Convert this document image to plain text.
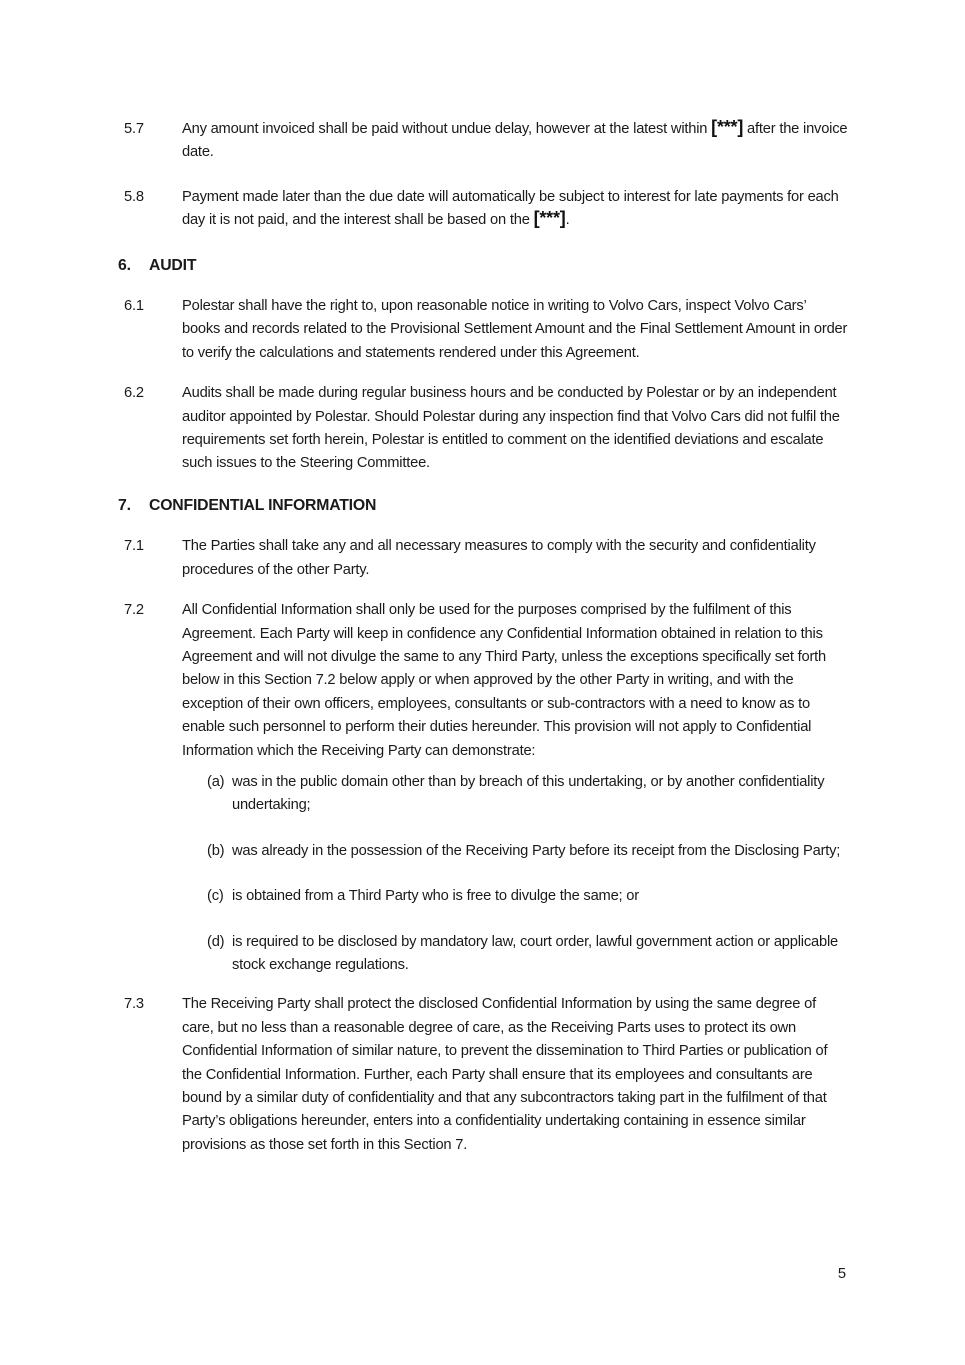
5.7	Any amount invoiced shall be paid without undue delay, however at the latest within [***] after the invoice date.

5.8	Payment made later than the due date will automatically be subject to interest for late payments for each day it is not paid, and the interest shall be based on the [***].

6.	AUDIT
6.1	Polestar shall have the right to, upon reasonable notice in writing to Volvo Cars, inspect Volvo Cars’ books and records related to the Provisional Settlement Amount and the Final Settlement Amount in order to verify the calculations and statements rendered under this Agreement.

6.2	Audits shall be made during regular business hours and be conducted by Polestar or by an independent auditor appointed by Polestar. Should Polestar during any inspection find that Volvo Cars did not fulfil the requirements set forth herein, Polestar is entitled to comment on the identified deviations and escalate such issues to the Steering Committee.

7.	CONFIDENTIAL INFORMATION
7.1	The Parties shall take any and all necessary measures to comply with the security and confidentiality procedures of the other Party.

7.2	All Confidential Information shall only be used for the purposes comprised by the fulfilment of this Agreement. Each Party will keep in confidence any Confidential Information obtained in relation to this Agreement and will not divulge the same to any Third Party, unless the exceptions specifically set forth below in this Section 7.2 below apply or when approved by the other Party in writing, and with the exception of their own officers, employees, consultants or sub-contractors with a need to know as to enable such personnel to perform their duties hereunder. This provision will not apply to Confidential Information which the Receiving Party can demonstrate:

(a) was in the public domain other than by breach of this undertaking, or by another confidentiality undertaking;

(b) was already in the possession of the Receiving Party before its receipt from the Disclosing Party;

(c) is obtained from a Third Party who is free to divulge the same; or

(d) is required to be disclosed by mandatory law, court order, lawful government action or applicable stock exchange regulations.

7.3	The Receiving Party shall protect the disclosed Confidential Information by using the same degree of care, but no less than a reasonable degree of care, as the Receiving Parts uses to protect its own Confidential Information of similar nature, to prevent the dissemination to Third Parties or publication of the Confidential Information. Further, each Party shall ensure that its employees and consultants are bound by a similar duty of confidentiality and that any subcontractors taking part in the fulfilment of that Party’s obligations hereunder, enters into a confidentiality undertaking containing in essence similar provisions as those set forth in this Section 7.

5
